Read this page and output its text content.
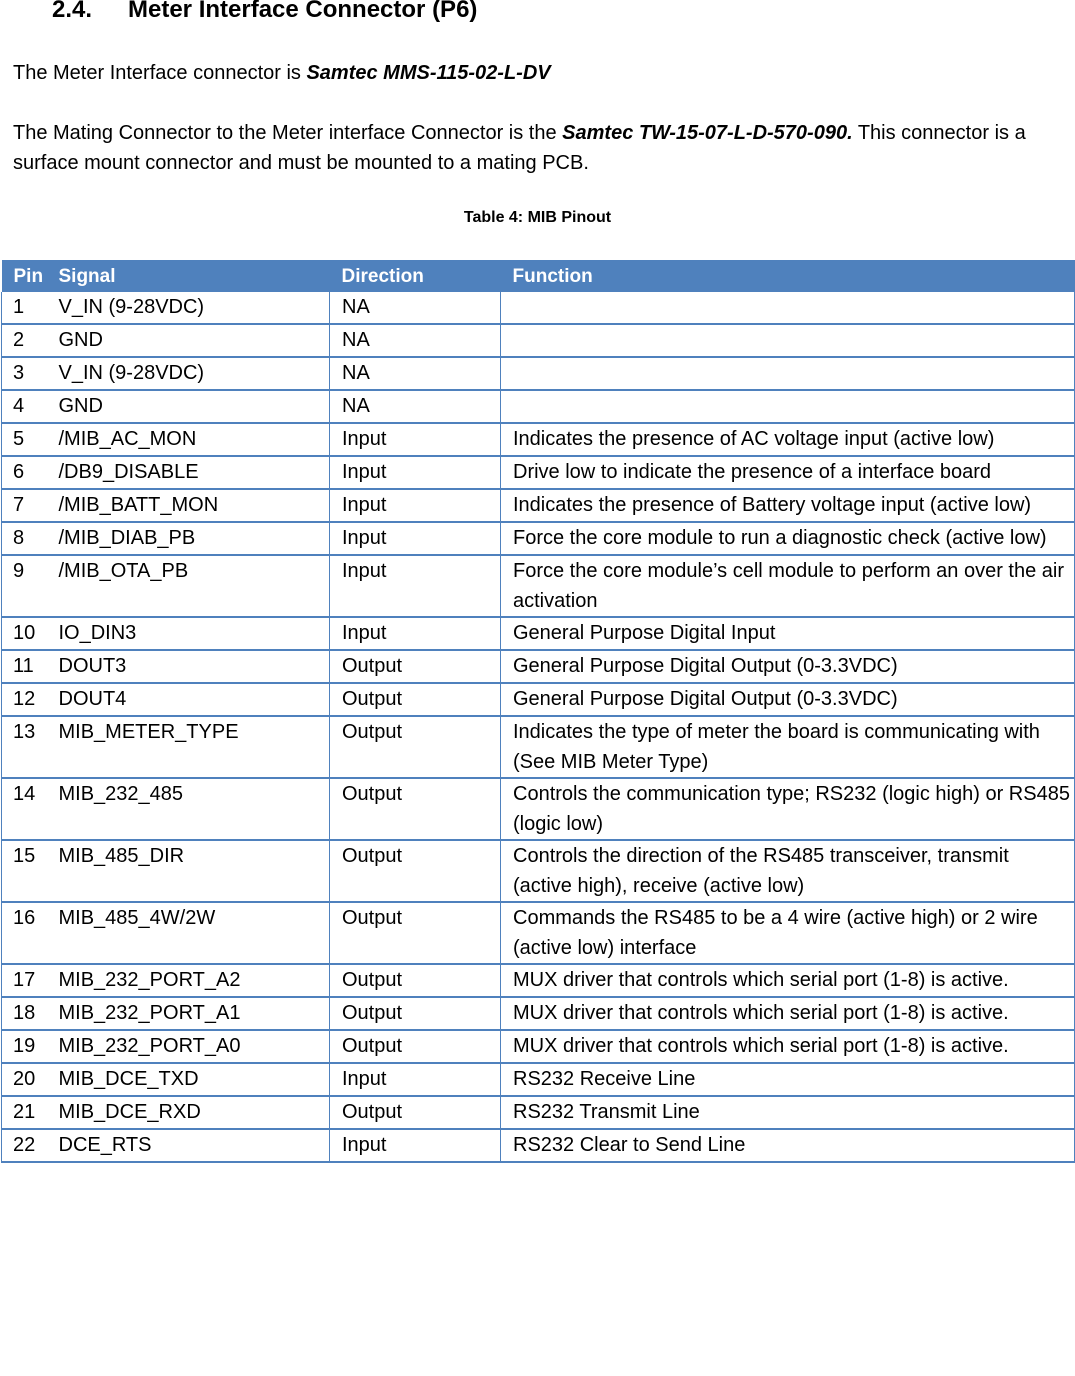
2.4. Meter Interface Connector (P6)
The Meter Interface connector is Samtec MMS-115-02-L-DV
The Mating Connector to the Meter interface Connector is the Samtec TW-15-07-L-D-570-090. This connector is a surface mount connector and must be mounted to a mating PCB.
Table 4: MIB Pinout
Pin	Signal	Direction	Function
1	V_IN (9-28VDC)	NA	
2	GND	NA	
3	V_IN (9-28VDC)	NA	
4	GND	NA	
5	/MIB_AC_MON	Input	Indicates the presence of AC voltage input (active low)
6	/DB9_DISABLE	Input	Drive low to indicate the presence of a interface board
7	/MIB_BATT_MON	Input	Indicates the presence of Battery voltage input (active low)
8	/MIB_DIAB_PB	Input	Force the core module to run a diagnostic check (active low)
9	/MIB_OTA_PB	Input	Force the core module’s cell module to perform an over the air activation
10	IO_DIN3	Input	General Purpose Digital Input
11	DOUT3	Output	General Purpose Digital Output (0-3.3VDC)
12	DOUT4	Output	General Purpose Digital Output (0-3.3VDC)
13	MIB_METER_TYPE	Output	Indicates the type of meter the board is communicating with (See MIB Meter Type)
14	MIB_232_485	Output	Controls the communication type; RS232 (logic high) or RS485 (logic low)
15	MIB_485_DIR	Output	Controls the direction of the RS485 transceiver, transmit (active high), receive (active low)
16	MIB_485_4W/2W	Output	Commands the RS485 to be a 4 wire (active high) or 2 wire (active low) interface
17	MIB_232_PORT_A2	Output	MUX driver that controls which serial port (1-8) is active.
18	MIB_232_PORT_A1	Output	MUX driver that controls which serial port (1-8) is active.
19	MIB_232_PORT_A0	Output	MUX driver that controls which serial port (1-8) is active.
20	MIB_DCE_TXD	Input	RS232 Receive Line
21	MIB_DCE_RXD	Output	RS232 Transmit Line
22	DCE_RTS	Input	RS232 Clear to Send Line
